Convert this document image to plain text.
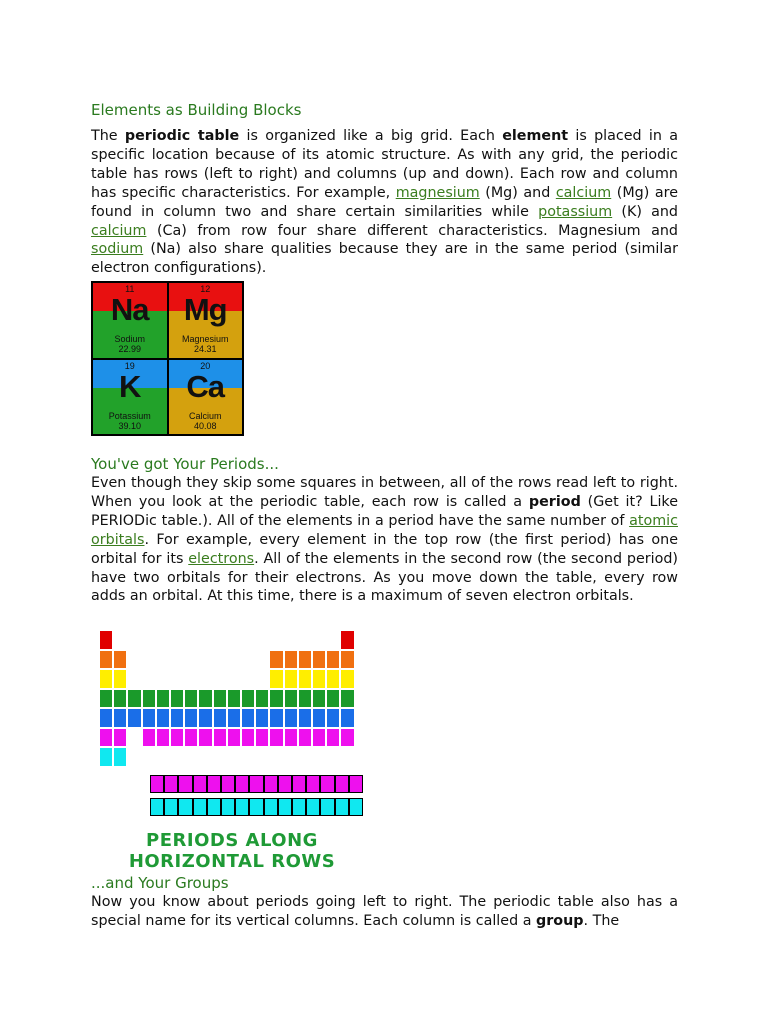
Elements as Building Blocks

The periodic table is organized like a big grid. Each element is placed in a specific location because of its atomic structure. As with any grid, the periodic table has rows (left to right) and columns (up and down). Each row and column has specific characteristics. For example, magnesium (Mg) and calcium (Mg) are found in column two and share certain similarities while potassium (K) and calcium (Ca) from row four share different characteristics. Magnesium and sodium (Na) also share qualities because they are in the same period (similar electron configurations).

11
Na
Sodium
22.99
12
Mg
Magnesium
24.31
19
K
Potassium
39.10
20
Ca
Calcium
40.08
You've got Your Periods...

Even though they skip some squares in between, all of the rows read left to right. When you look at the periodic table, each row is called a period (Get it? Like PERIODic table.). All of the elements in a period have the same number of atomic orbitals. For example, every element in the top row (the first period) has one orbital for its electrons. All of the elements in the second row (the second period) have two orbitals for their electrons. As you move down the table, every row adds an orbital. At this time, there is a maximum of seven electron orbitals.

PERIODS ALONG
HORIZONTAL ROWS
...and Your Groups

Now you know about periods going left to right. The periodic table also has a special name for its vertical columns. Each column is called a group. The
